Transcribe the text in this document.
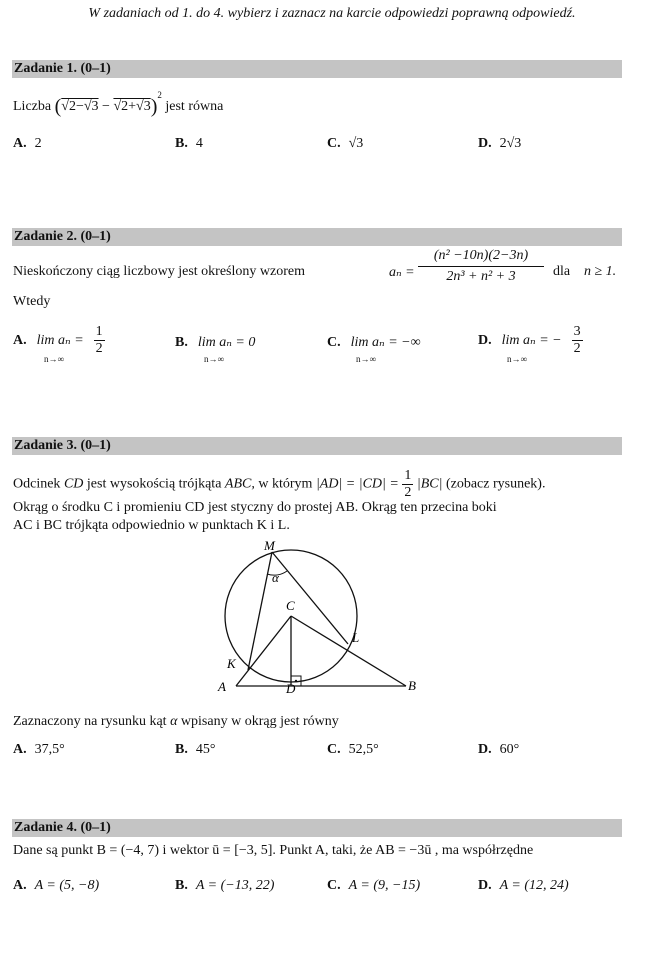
W zadaniach od 1. do 4. wybierz i zaznacz na karcie odpowiedzi poprawną odpowiedź.
Zadanie 1. (0–1)
Liczba $(√2-√3 - √2+√3)^2$ jest równa
A. 2	B. 4	C. √3	D. 2√3
Zadanie 2. (0–1)
Nieskończony ciąg liczbowy jest określony wzorem	aₙ =
(n² −10n)(2−3n)
2n³ + n² + 3	dla n ≥ 1.
Wtedy
A. $\lim a_n = \frac{1}{2}$	B. lim aₙ = 0	C. lim aₙ = −∞	D. lim aₙ = − $\frac{3}{2}$
n→∞	n→∞	n→∞	n→∞
Zadanie 3. (0–1)
Odcinek CD jest wysokością trójkąta ABC, w którym $|AD| = |CD| = \frac{1}{2} |BC|$ (zobacz rysunek).
Okrąg o środku C i promieniu CD jest styczny do prostej AB. Okrąg ten przecina boki
AC i BC trójkąta odpowiednio w punktach K i L.
M
α
C
L
K
A	D	B
Zaznaczony na rysunku kąt α wpisany w okrąg jest równy
A. 37,5°	B. 45°	C. 52,5°	D. 60°
Zadanie 4. (0–1)
Dane są punkt B = (−4, 7) i wektor ū = [−3, 5]. Punkt A, taki, że AB = −3ū , ma współrzędne
A. A = (5, −8)	B. A = (−13, 22)	C. A = (9, −15)	D. A = (12, 24)
